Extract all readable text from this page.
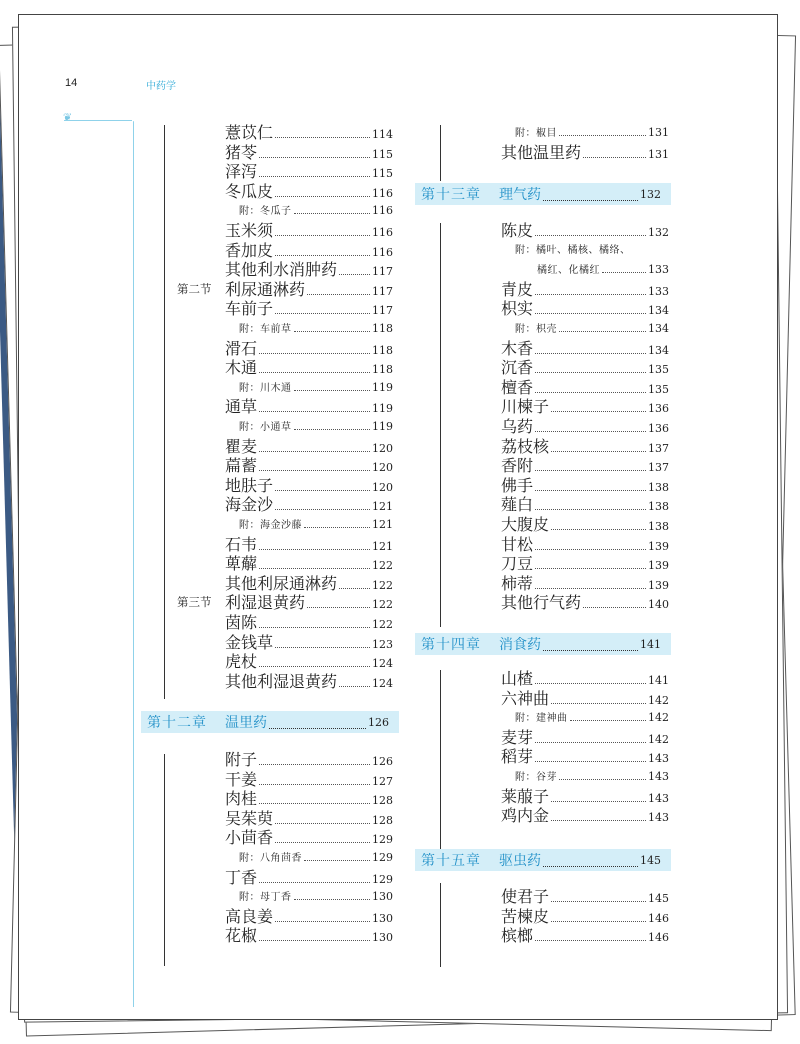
14	中药学
❦
薏苡仁	114
猪苓	115
泽泻	115
冬瓜皮	116
附：冬瓜子	116
玉米须	116
香加皮	116
其他利水消肿药	117
利尿通淋药	117
第二节
车前子	117
附：车前草	118
滑石	118
木通	118
附：川木通	119
通草	119
附：小通草	119
瞿麦	120
萹蓄	120
地肤子	120
海金沙	121
附：海金沙藤	121
石韦	121
萆薢	122
其他利尿通淋药	122
利湿退黄药	122
第三节
茵陈	122
金钱草	123
虎杖	124
其他利湿退黄药	124
第十二章 温里药	126
附子	126
干姜	127
肉桂	128
吴茱萸	128
小茴香	129
附：八角茴香	129
丁香	129
附：母丁香	130
高良姜	130
花椒	130
附：椒目	131
其他温里药	131
第十三章 理气药	132
陈皮	132
附：橘叶、橘核、橘络、
橘红、化橘红	133
青皮	133
枳实	134
附：枳壳	134
木香	134
沉香	135
檀香	135
川楝子	136
乌药	136
荔枝核	137
香附	137
佛手	138
薤白	138
大腹皮	138
甘松	139
刀豆	139
柿蒂	139
其他行气药	140
第十四章 消食药	141
山楂	141
六神曲	142
附：建神曲	142
麦芽	142
稻芽	143
附：谷芽	143
莱菔子	143
鸡内金	143
第十五章 驱虫药	145
使君子	145
苦楝皮	146
槟榔	146
